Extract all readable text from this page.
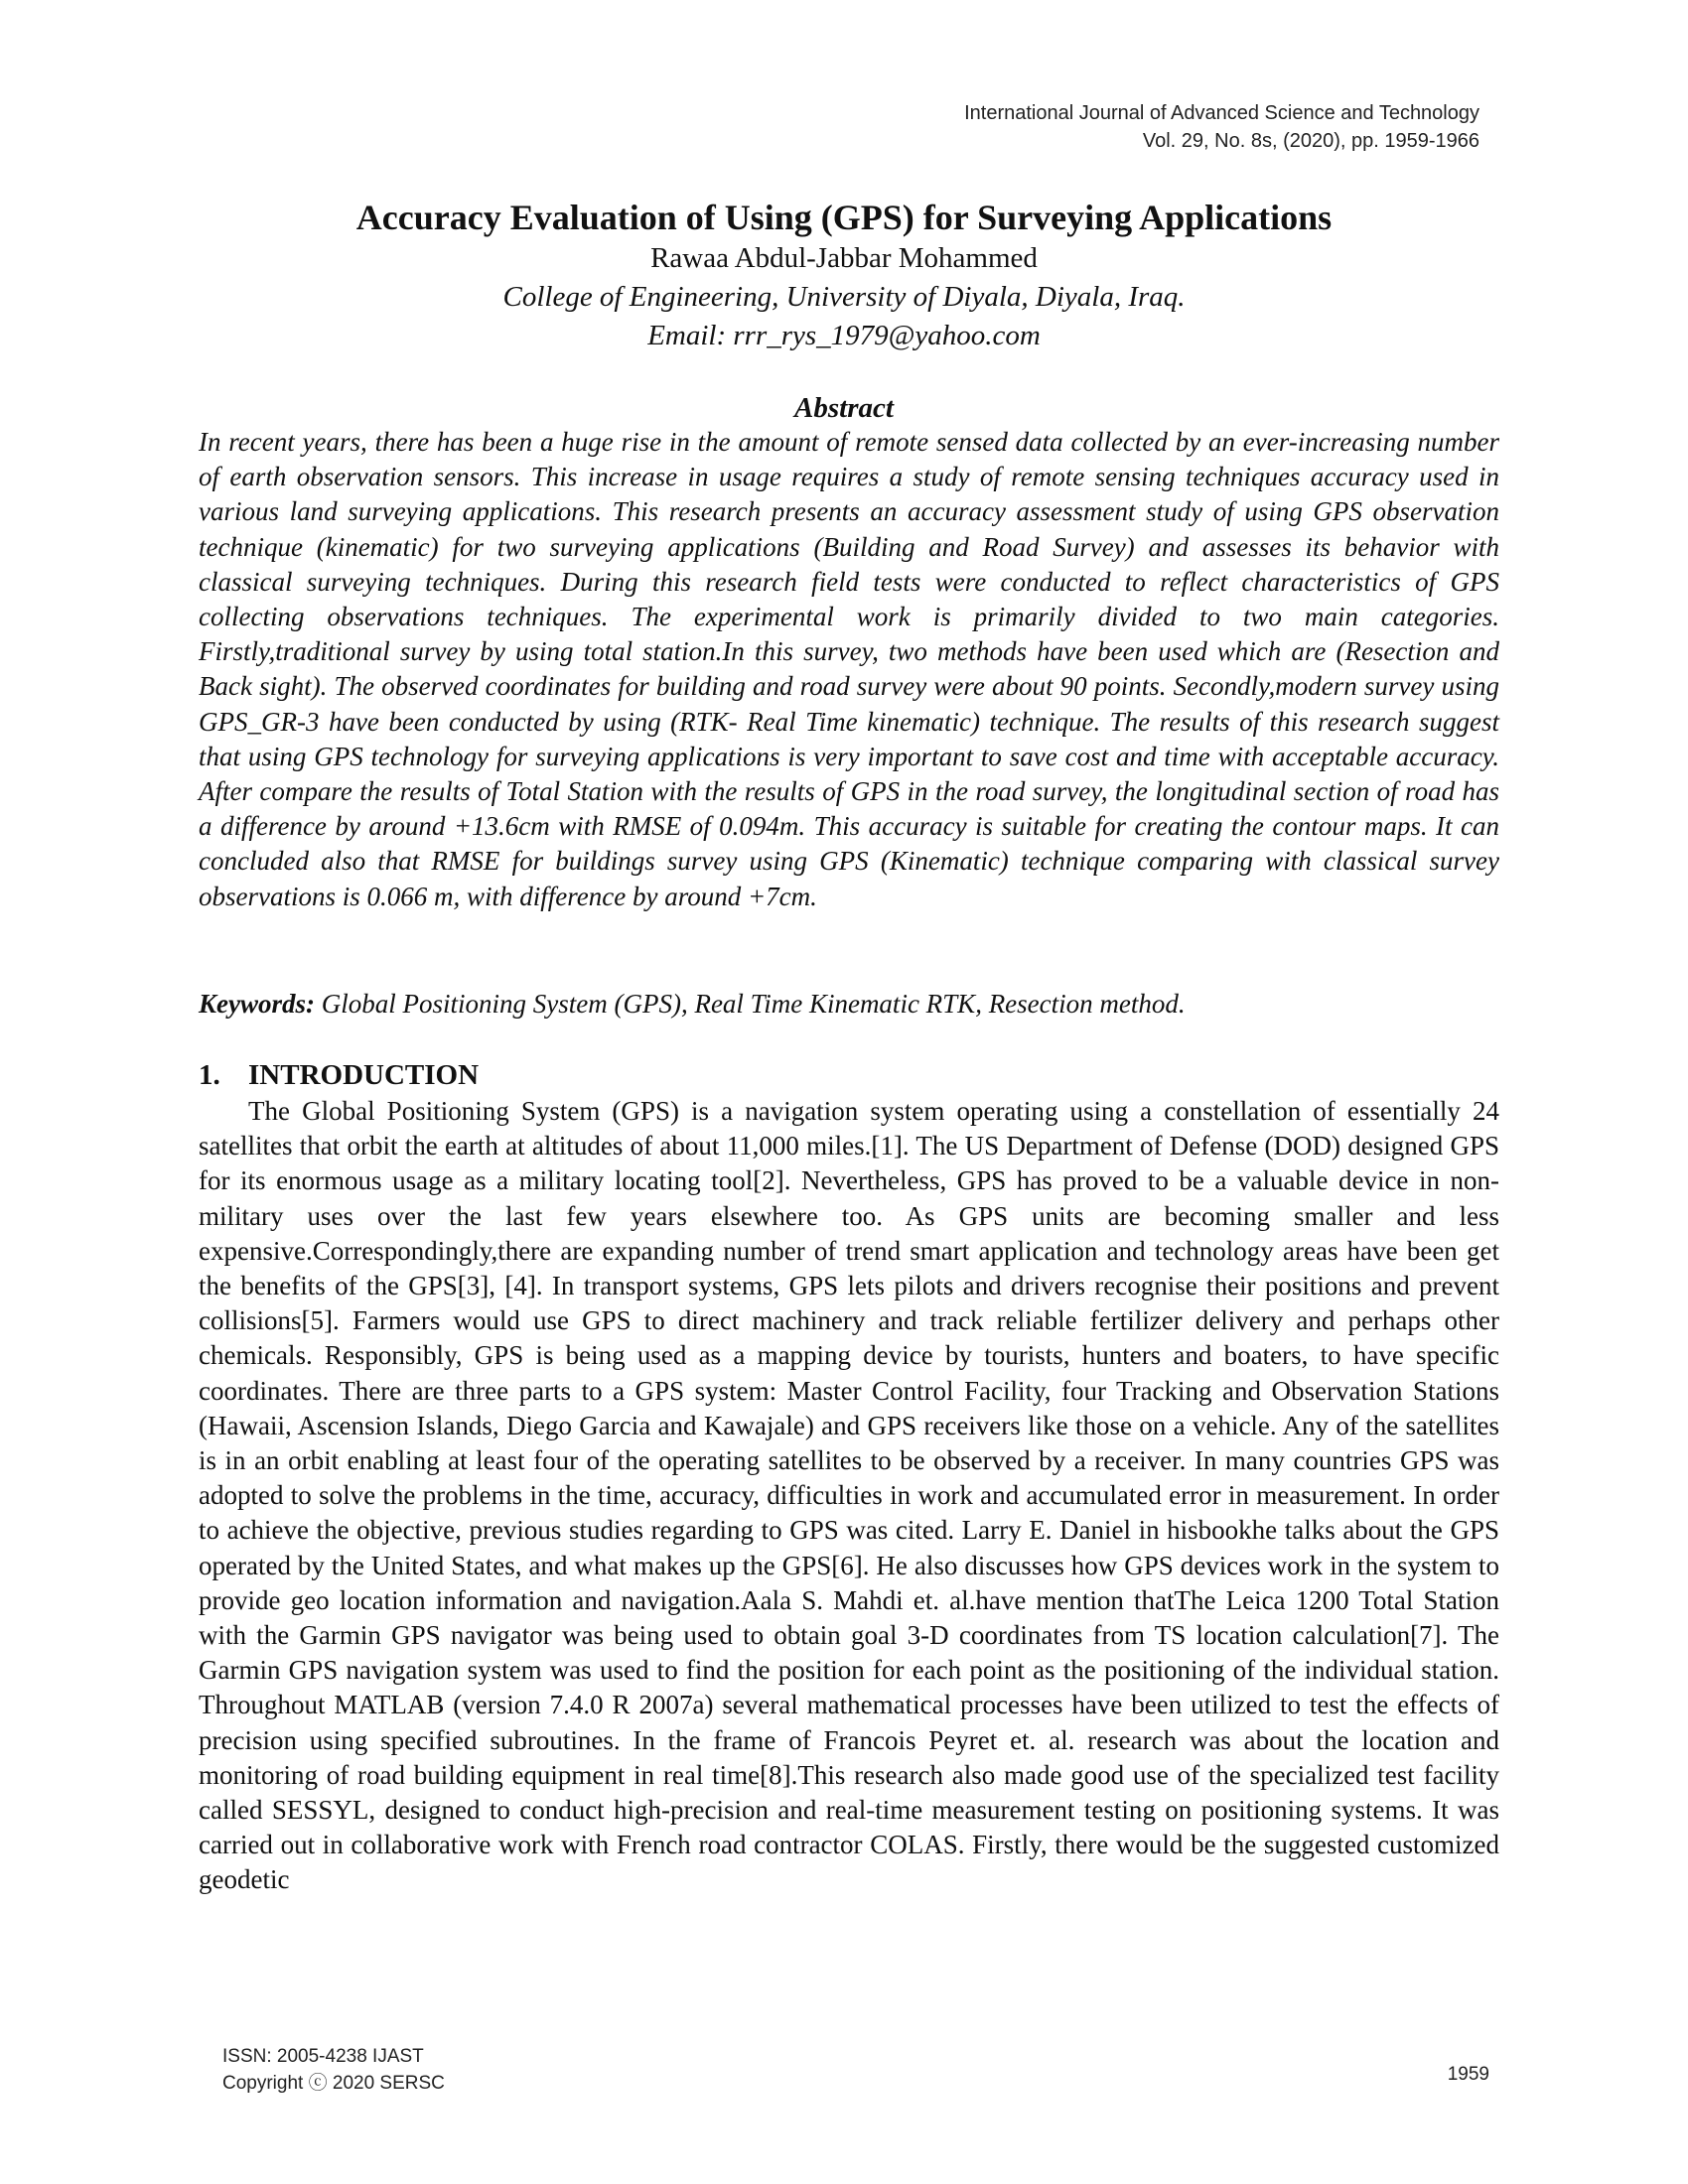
International Journal of Advanced Science and Technology
Vol. 29, No. 8s, (2020), pp. 1959-1966
Accuracy Evaluation of Using (GPS) for Surveying Applications

Rawaa Abdul-Jabbar Mohammed

College of Engineering, University of Diyala, Diyala, Iraq.

Email: rrr_rys_1979@yahoo.com

Abstract

In recent years, there has been a huge rise in the amount of remote sensed data collected by an ever-increasing number of earth observation sensors. This increase in usage requires a study of remote sensing techniques accuracy used in various land surveying applications. This research presents an accuracy assessment study of using GPS observation technique (kinematic) for two surveying applications (Building and Road Survey) and assesses its behavior with classical surveying techniques. During this research field tests were conducted to reflect characteristics of GPS collecting observations techniques. The experimental work is primarily divided to two main categories. Firstly,traditional survey by using total station.In this survey, two methods have been used which are (Resection and Back sight). The observed coordinates for building and road survey were about 90 points. Secondly,modern survey using GPS_GR-3 have been conducted by using (RTK- Real Time kinematic) technique. The results of this research suggest that using GPS technology for surveying applications is very important to save cost and time with acceptable accuracy. After compare the results of Total Station with the results of GPS in the road survey, the longitudinal section of road has a difference by around +13.6cm with RMSE of 0.094m. This accuracy is suitable for creating the contour maps. It can concluded also that RMSE for buildings survey using GPS (Kinematic) technique comparing with classical survey observations is 0.066 m, with difference by around +7cm.

Keywords: Global Positioning System (GPS), Real Time Kinematic RTK, Resection method.

1. INTRODUCTION

The Global Positioning System (GPS) is a navigation system operating using a constellation of essentially 24 satellites that orbit the earth at altitudes of about 11,000 miles.[1]. The US Department of Defense (DOD) designed GPS for its enormous usage as a military locating tool[2]. Nevertheless, GPS has proved to be a valuable device in non-military uses over the last few years elsewhere too. As GPS units are becoming smaller and less expensive.Correspondingly,there are expanding number of trend smart application and technology areas have been get the benefits of the GPS[3], [4]. In transport systems, GPS lets pilots and drivers recognise their positions and prevent collisions[5]. Farmers would use GPS to direct machinery and track reliable fertilizer delivery and perhaps other chemicals. Responsibly, GPS is being used as a mapping device by tourists, hunters and boaters, to have specific coordinates. There are three parts to a GPS system: Master Control Facility, four Tracking and Observation Stations (Hawaii, Ascension Islands, Diego Garcia and Kawajale) and GPS receivers like those on a vehicle. Any of the satellites is in an orbit enabling at least four of the operating satellites to be observed by a receiver. In many countries GPS was adopted to solve the problems in the time, accuracy, difficulties in work and accumulated error in measurement. In order to achieve the objective, previous studies regarding to GPS was cited. Larry E. Daniel in hisbookhe talks about the GPS operated by the United States, and what makes up the GPS[6]. He also discusses how GPS devices work in the system to provide geo location information and navigation.Aala S. Mahdi et. al.have mention thatThe Leica 1200 Total Station with the Garmin GPS navigator was being used to obtain goal 3-D coordinates from TS location calculation[7]. The Garmin GPS navigation system was used to find the position for each point as the positioning of the individual station. Throughout MATLAB (version 7.4.0 R 2007a) several mathematical processes have been utilized to test the effects of precision using specified subroutines. In the frame of Francois Peyret et. al. research was about the location and monitoring of road building equipment in real time[8].This research also made good use of the specialized test facility called SESSYL, designed to conduct high-precision and real-time measurement testing on positioning systems. It was carried out in collaborative work with French road contractor COLAS. Firstly, there would be the suggested customized geodetic

ISSN: 2005-4238 IJAST
Copyright ⓒ 2020 SERSC	1959
